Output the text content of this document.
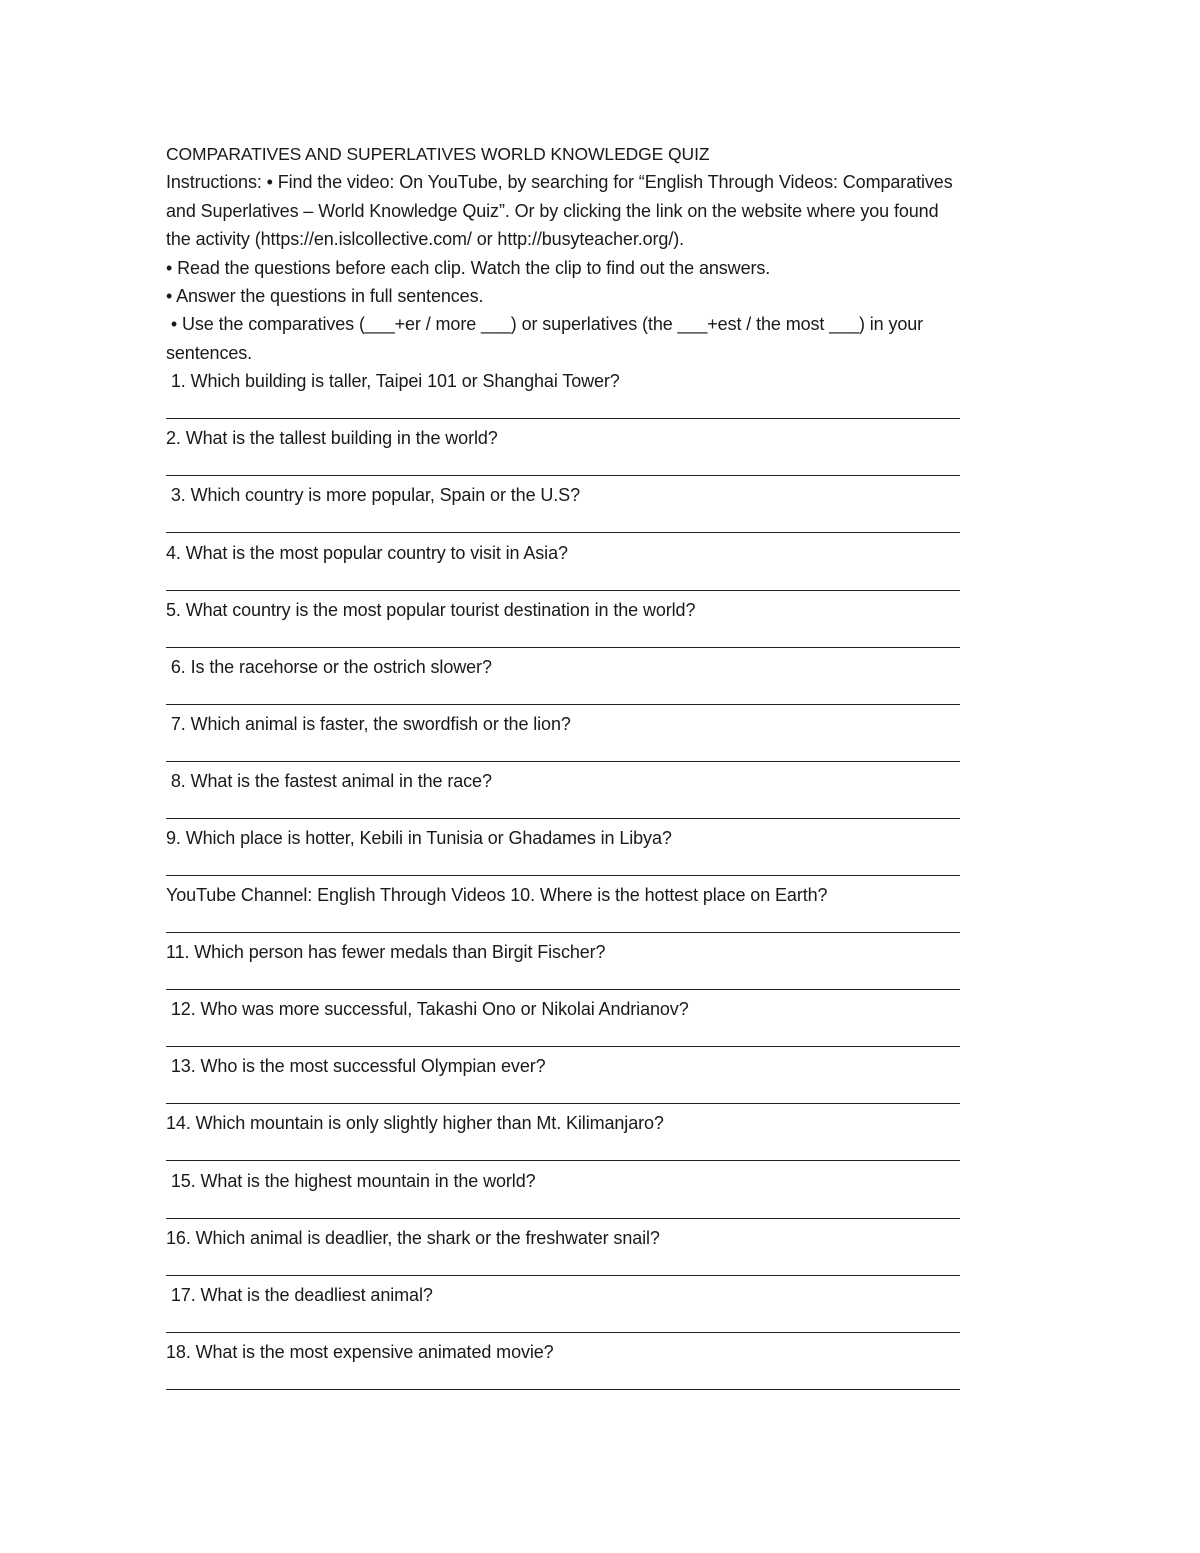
COMPARATIVES AND SUPERLATIVES WORLD KNOWLEDGE QUIZ
Instructions: • Find the video: On YouTube, by searching for “English Through Videos: Comparatives
and Superlatives – World Knowledge Quiz”. Or by clicking the link on the website where you found
the activity (https://en.islcollective.com/ or http://busyteacher.org/).
• Read the questions before each clip. Watch the clip to find out the answers.
• Answer the questions in full sentences.
• Use the comparatives (___+er / more ___) or superlatives (the ___+est / the most ___) in your
sentences.
1. Which building is taller, Taipei 101 or Shanghai Tower?
2. What is the tallest building in the world?
3. Which country is more popular, Spain or the U.S?
4. What is the most popular country to visit in Asia?
5. What country is the most popular tourist destination in the world?
6. Is the racehorse or the ostrich slower?
7. Which animal is faster, the swordfish or the lion?
8. What is the fastest animal in the race?
9. Which place is hotter, Kebili in Tunisia or Ghadames in Libya?
YouTube Channel: English Through Videos 10. Where is the hottest place on Earth?
11. Which person has fewer medals than Birgit Fischer?
12. Who was more successful, Takashi Ono or Nikolai Andrianov?
13. Who is the most successful Olympian ever?
14. Which mountain is only slightly higher than Mt. Kilimanjaro?
15. What is the highest mountain in the world?
16. Which animal is deadlier, the shark or the freshwater snail?
17. What is the deadliest animal?
18. What is the most expensive animated movie?
